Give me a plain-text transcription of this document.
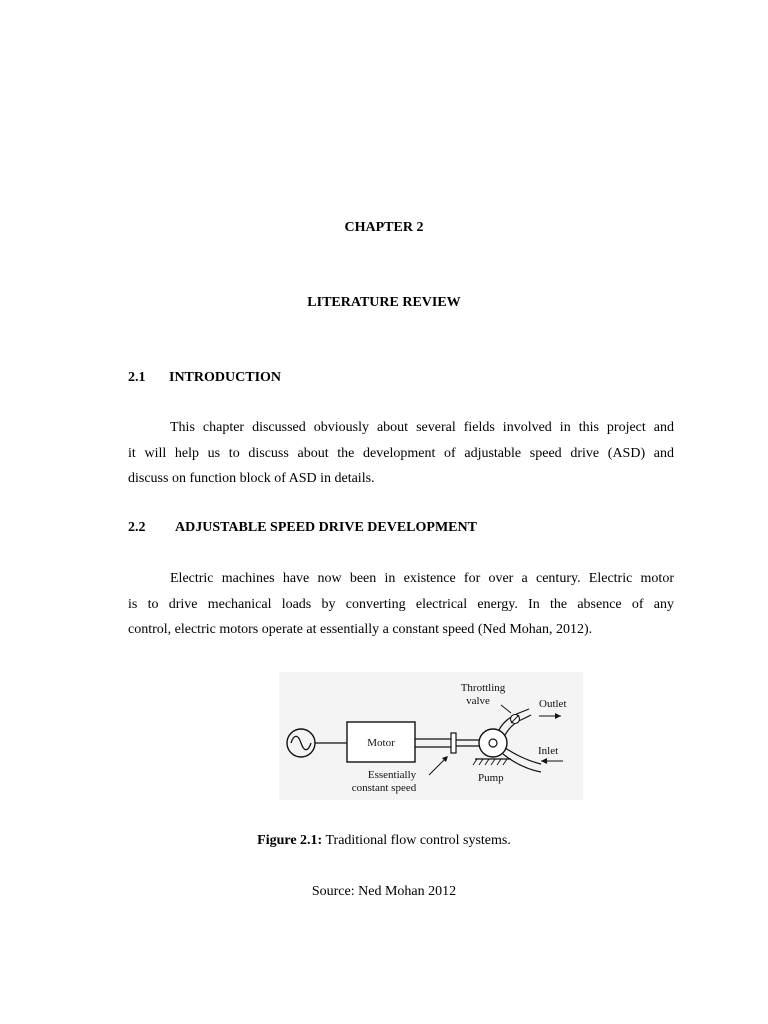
CHAPTER 2
LITERATURE REVIEW
2.1 INTRODUCTION
This chapter discussed obviously about several fields involved in this project and
it will help us to discuss about the development of adjustable speed drive (ASD) and
discuss on function block of ASD in details.
2.2 ADJUSTABLE SPEED DRIVE DEVELOPMENT
Electric machines have now been in existence for over a century. Electric motor
is to drive mechanical loads by converting electrical energy. In the absence of any
control, electric motors operate at essentially a constant speed (Ned Mohan, 2012).
Motor
Throttling
valve	Outlet
Inlet
Pump
Essentially
constant speed
Figure 2.1: Traditional flow control systems.
Source: Ned Mohan 2012
